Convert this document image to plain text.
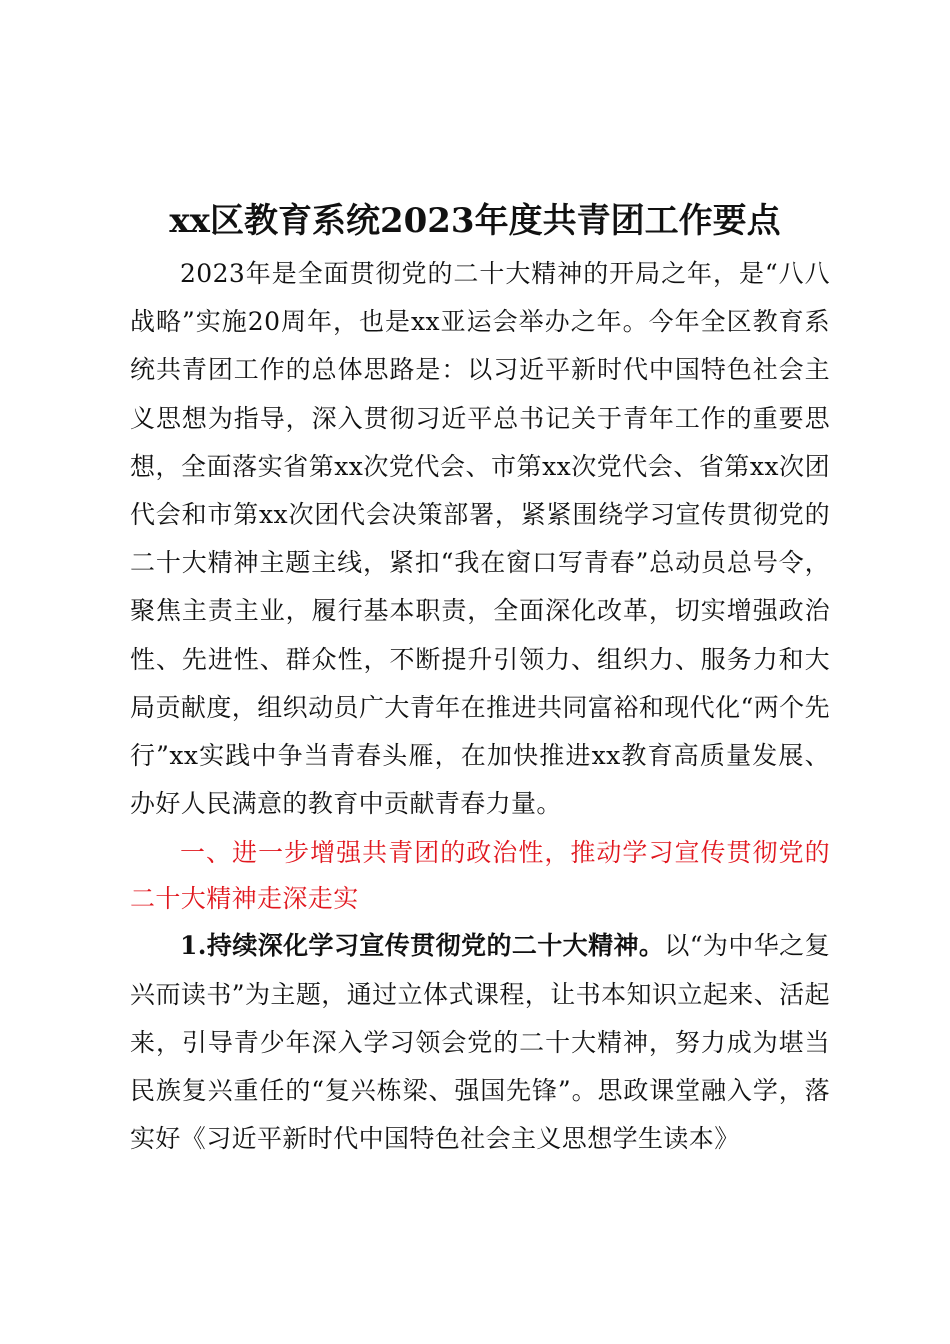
xx区教育系统2023年度共青团工作要点

2023年是全面贯彻党的二十大精神的开局之年，是“八八战略”实施20周年，也是xx亚运会举办之年。今年全区教育系统共青团工作的总体思路是：以习近平新时代中国特色社会主义思想为指导，深入贯彻习近平总书记关于青年工作的重要思想，全面落实省第xx次党代会、市第xx次党代会、省第xx次团代会和市第xx次团代会决策部署，紧紧围绕学习宣传贯彻党的二十大精神主题主线，紧扣“我在窗口写青春”总动员总号令，聚焦主责主业，履行基本职责，全面深化改革，切实增强政治性、先进性、群众性，不断提升引领力、组织力、服务力和大局贡献度，组织动员广大青年在推进共同富裕和现代化“两个先行”xx实践中争当青春头雁，在加快推进xx教育高质量发展、办好人民满意的教育中贡献青春力量。

一、进一步增强共青团的政治性，推动学习宣传贯彻党的二十大精神走深走实

1.持续深化学习宣传贯彻党的二十大精神。以“为中华之复兴而读书”为主题，通过立体式课程，让书本知识立起来、活起来，引导青少年深入学习领会党的二十大精神，努力成为堪当民族复兴重任的“复兴栋梁、强国先锋”。思政课堂融入学，落实好《习近平新时代中国特色社会主义思想学生读本》
